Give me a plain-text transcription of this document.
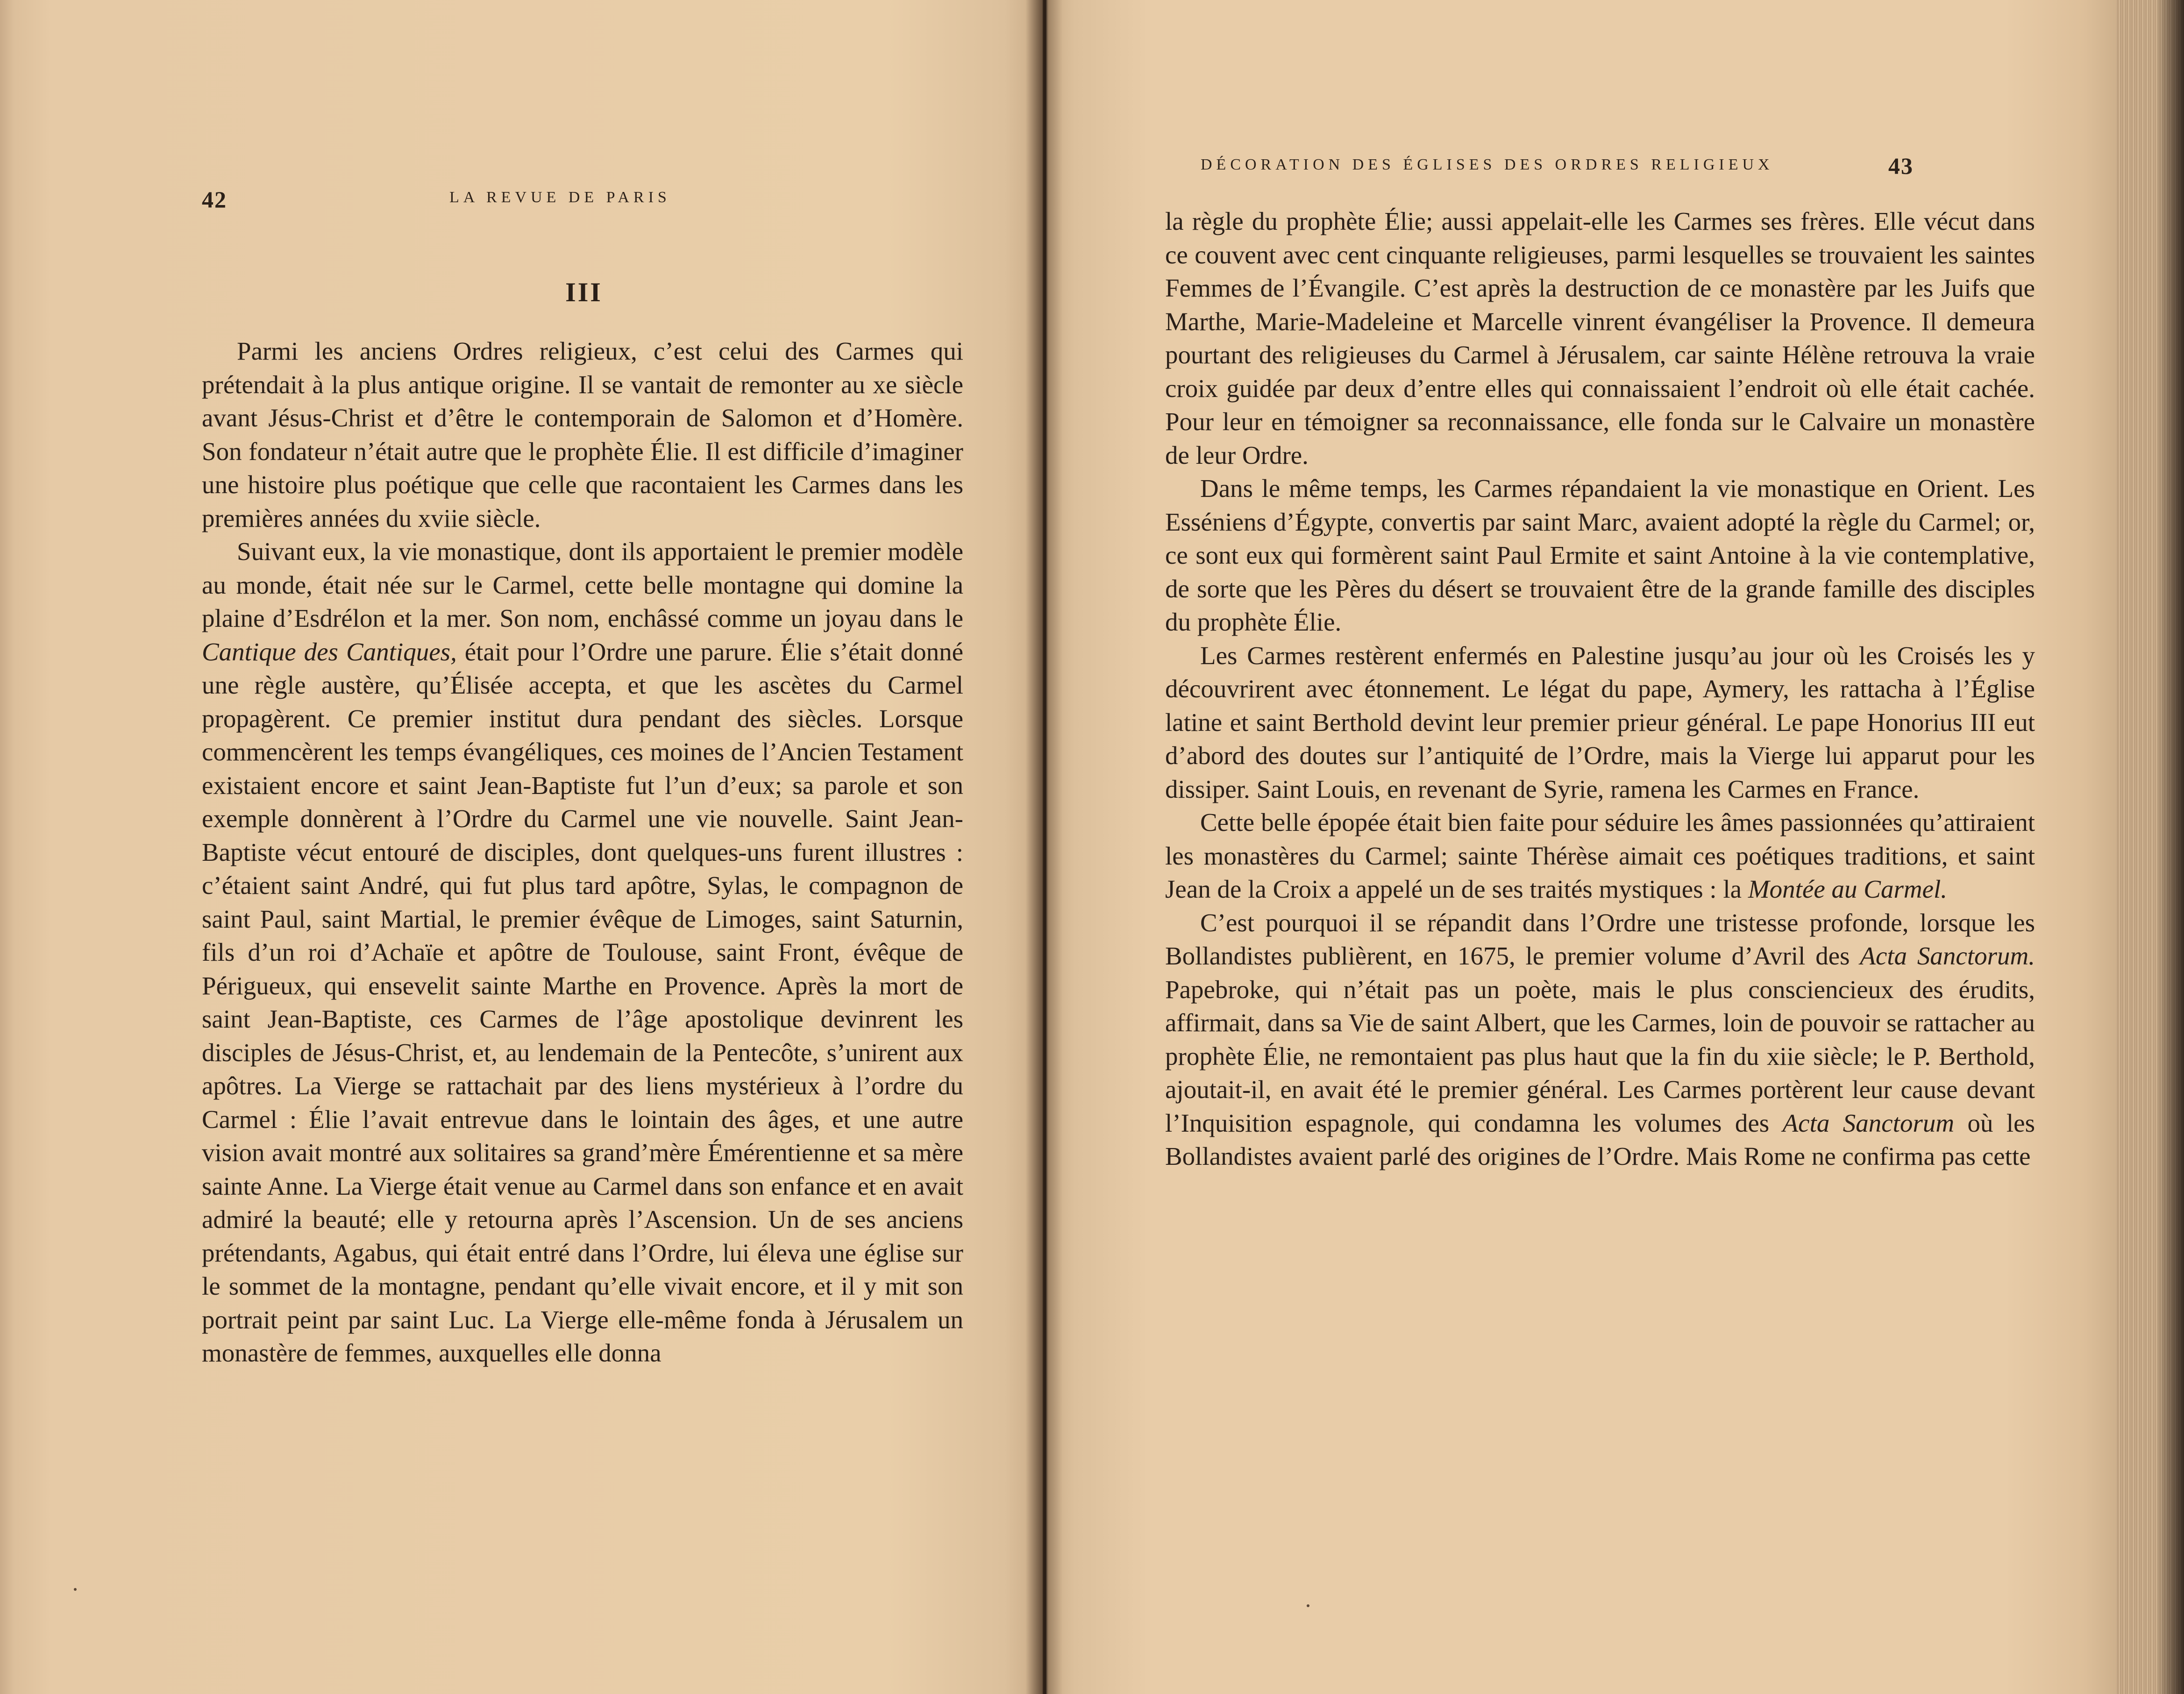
42	LA REVUE DE PARIS
III

Parmi les anciens Ordres religieux, c’est celui des Carmes qui prétendait à la plus antique origine. Il se vantait de remonter au xe siècle avant Jésus-Christ et d’être le contemporain de Salomon et d’Homère. Son fondateur n’était autre que le prophète Élie. Il est difficile d’imaginer une histoire plus poétique que celle que racontaient les Carmes dans les premières années du xviie siècle.

Suivant eux, la vie monastique, dont ils apportaient le premier modèle au monde, était née sur le Carmel, cette belle montagne qui domine la plaine d’Esdrélon et la mer. Son nom, enchâssé comme un joyau dans le Cantique des Cantiques, était pour l’Ordre une parure. Élie s’était donné une règle austère, qu’Élisée accepta, et que les ascètes du Carmel propagèrent. Ce premier institut dura pendant des siècles. Lorsque commencèrent les temps évangéliques, ces moines de l’Ancien Testament existaient encore et saint Jean-Baptiste fut l’un d’eux; sa parole et son exemple donnèrent à l’Ordre du Carmel une vie nouvelle. Saint Jean-Baptiste vécut entouré de disciples, dont quelques-uns furent illustres : c’étaient saint André, qui fut plus tard apôtre, Sylas, le compagnon de saint Paul, saint Martial, le premier évêque de Limoges, saint Saturnin, fils d’un roi d’Achaïe et apôtre de Toulouse, saint Front, évêque de Périgueux, qui ensevelit sainte Marthe en Provence. Après la mort de saint Jean-Baptiste, ces Carmes de l’âge apostolique devinrent les disciples de Jésus-Christ, et, au lendemain de la Pentecôte, s’unirent aux apôtres. La Vierge se rattachait par des liens mystérieux à l’ordre du Carmel : Élie l’avait entrevue dans le lointain des âges, et une autre vision avait montré aux solitaires sa grand’mère Émérentienne et sa mère sainte Anne. La Vierge était venue au Carmel dans son enfance et en avait admiré la beauté; elle y retourna après l’Ascension. Un de ses anciens prétendants, Agabus, qui était entré dans l’Ordre, lui éleva une église sur le sommet de la montagne, pendant qu’elle vivait encore, et il y mit son portrait peint par saint Luc. La Vierge elle-même fonda à Jérusalem un monastère de femmes, auxquelles elle donna

DÉCORATION DES ÉGLISES DES ORDRES RELIGIEUX	43

la règle du prophète Élie; aussi appelait-elle les Carmes ses frères. Elle vécut dans ce couvent avec cent cinquante religieuses, parmi lesquelles se trouvaient les saintes Femmes de l’Évangile. C’est après la destruction de ce monastère par les Juifs que Marthe, Marie-Madeleine et Marcelle vinrent évangéliser la Provence. Il demeura pourtant des religieuses du Carmel à Jérusalem, car sainte Hélène retrouva la vraie croix guidée par deux d’entre elles qui connaissaient l’endroit où elle était cachée. Pour leur en témoigner sa reconnaissance, elle fonda sur le Calvaire un monastère de leur Ordre.

Dans le même temps, les Carmes répandaient la vie monastique en Orient. Les Esséniens d’Égypte, convertis par saint Marc, avaient adopté la règle du Carmel; or, ce sont eux qui formèrent saint Paul Ermite et saint Antoine à la vie contemplative, de sorte que les Pères du désert se trouvaient être de la grande famille des disciples du prophète Élie.

Les Carmes restèrent enfermés en Palestine jusqu’au jour où les Croisés les y découvrirent avec étonnement. Le légat du pape, Aymery, les rattacha à l’Église latine et saint Berthold devint leur premier prieur général. Le pape Honorius III eut d’abord des doutes sur l’antiquité de l’Ordre, mais la Vierge lui apparut pour les dissiper. Saint Louis, en revenant de Syrie, ramena les Carmes en France.

Cette belle épopée était bien faite pour séduire les âmes passionnées qu’attiraient les monastères du Carmel; sainte Thérèse aimait ces poétiques traditions, et saint Jean de la Croix a appelé un de ses traités mystiques : la Montée au Carmel.

C’est pourquoi il se répandit dans l’Ordre une tristesse profonde, lorsque les Bollandistes publièrent, en 1675, le premier volume d’Avril des Acta Sanctorum. Papebroke, qui n’était pas un poète, mais le plus consciencieux des érudits, affirmait, dans sa Vie de saint Albert, que les Carmes, loin de pouvoir se rattacher au prophète Élie, ne remontaient pas plus haut que la fin du xiie siècle; le P. Berthold, ajoutait-il, en avait été le premier général. Les Carmes portèrent leur cause devant l’Inquisition espagnole, qui condamna les volumes des Acta Sanctorum où les Bollandistes avaient parlé des origines de l’Ordre. Mais Rome ne confirma pas cette
